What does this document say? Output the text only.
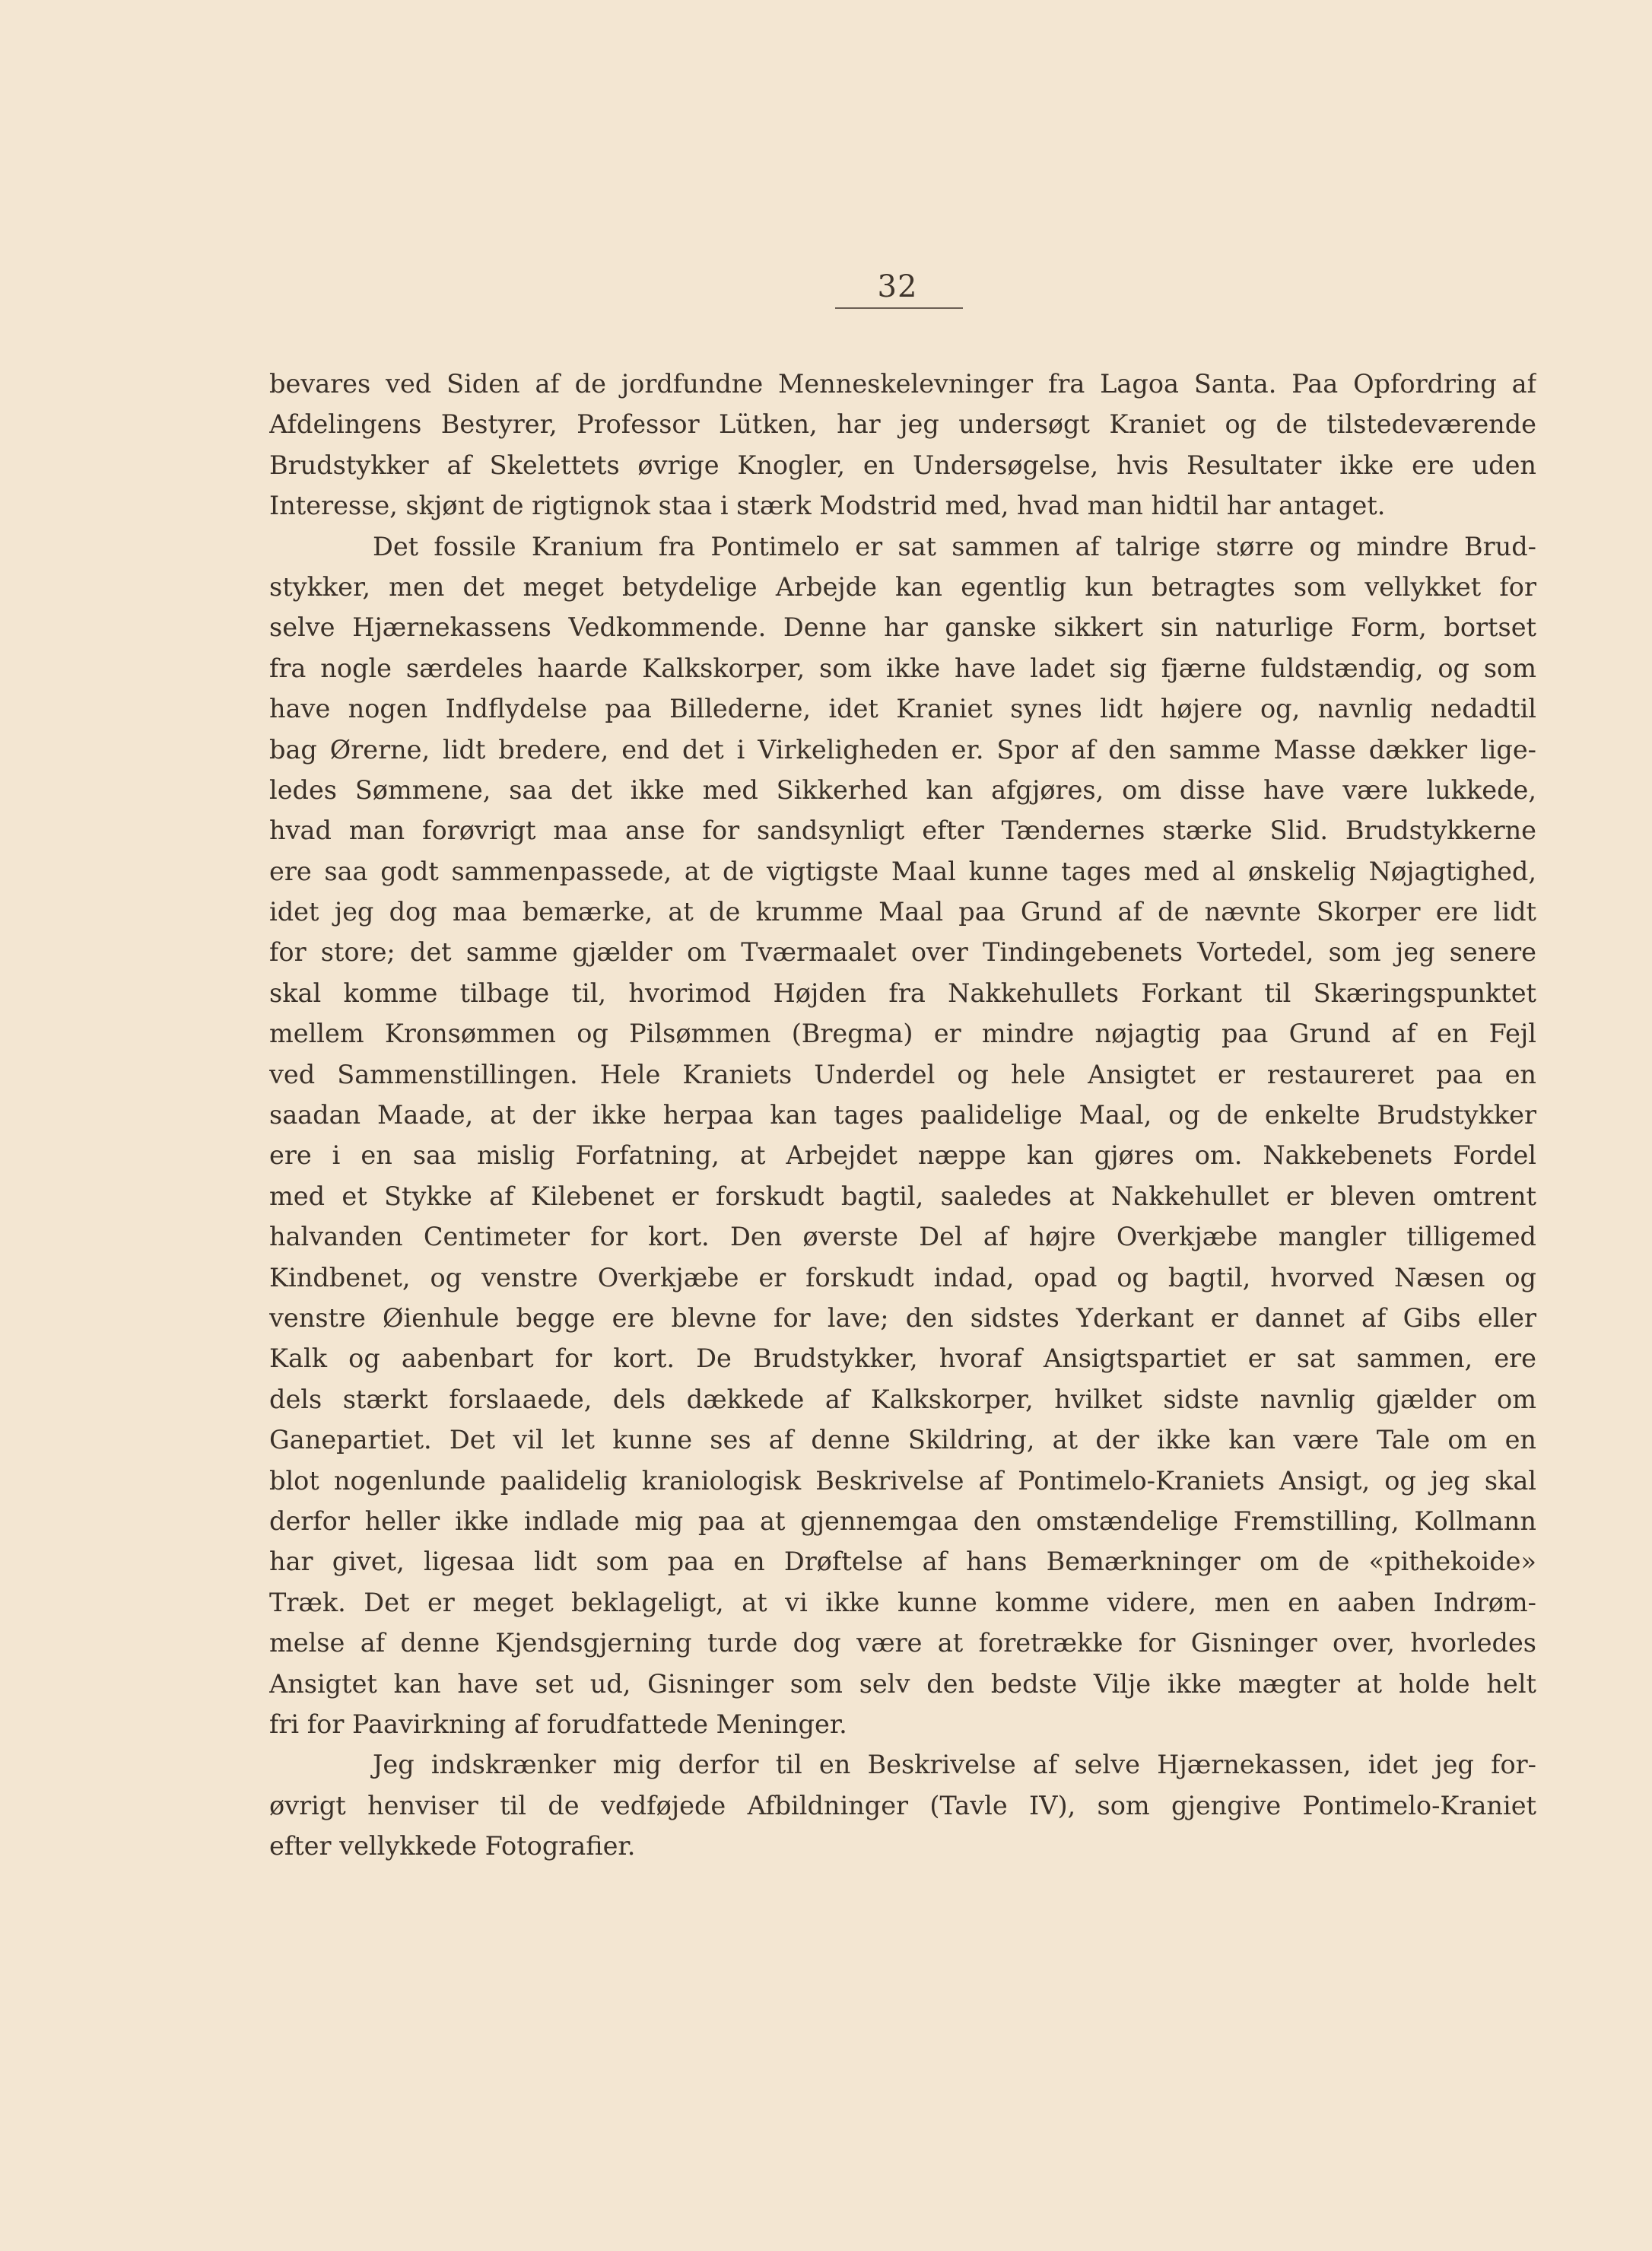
32
bevares ved Siden af de jordfundne Menneskelevninger fra Lagoa Santa. Paa Opfordring af
Afdelingens Bestyrer, Professor Lütken, har jeg undersøgt Kraniet og de tilstedeværende
Brudstykker af Skelettets øvrige Knogler, en Undersøgelse, hvis Resultater ikke ere uden
Interesse, skjønt de rigtignok staa i stærk Modstrid med, hvad man hidtil har antaget.
Det fossile Kranium fra Pontimelo er sat sammen af talrige større og mindre Brud-
stykker, men det meget betydelige Arbejde kan egentlig kun betragtes som vellykket for
selve Hjærnekassens Vedkommende. Denne har ganske sikkert sin naturlige Form, bortset
fra nogle særdeles haarde Kalkskorper, som ikke have ladet sig fjærne fuldstændig, og som
have nogen Indflydelse paa Billederne, idet Kraniet synes lidt højere og, navnlig nedadtil
bag Ørerne, lidt bredere, end det i Virkeligheden er. Spor af den samme Masse dækker lige-
ledes Sømmene, saa det ikke med Sikkerhed kan afgjøres, om disse have være lukkede,
hvad man forøvrigt maa anse for sandsynligt efter Tændernes stærke Slid. Brudstykkerne
ere saa godt sammenpassede, at de vigtigste Maal kunne tages med al ønskelig Nøjagtighed,
idet jeg dog maa bemærke, at de krumme Maal paa Grund af de nævnte Skorper ere lidt
for store; det samme gjælder om Tværmaalet over Tindingebenets Vortedel, som jeg senere
skal komme tilbage til, hvorimod Højden fra Nakkehullets Forkant til Skæringspunktet
mellem Kronsømmen og Pilsømmen (Bregma) er mindre nøjagtig paa Grund af en Fejl
ved Sammenstillingen. Hele Kraniets Underdel og hele Ansigtet er restaureret paa en
saadan Maade, at der ikke herpaa kan tages paalidelige Maal, og de enkelte Brudstykker
ere i en saa mislig Forfatning, at Arbejdet næppe kan gjøres om. Nakkebenets Fordel
med et Stykke af Kilebenet er forskudt bagtil, saaledes at Nakkehullet er bleven omtrent
halvanden Centimeter for kort. Den øverste Del af højre Overkjæbe mangler tilligemed
Kindbenet, og venstre Overkjæbe er forskudt indad, opad og bagtil, hvorved Næsen og
venstre Øienhule begge ere blevne for lave; den sidstes Yderkant er dannet af Gibs eller
Kalk og aabenbart for kort. De Brudstykker, hvoraf Ansigtspartiet er sat sammen, ere
dels stærkt forslaaede, dels dækkede af Kalkskorper, hvilket sidste navnlig gjælder om
Ganepartiet. Det vil let kunne ses af denne Skildring, at der ikke kan være Tale om en
blot nogenlunde paalidelig kraniologisk Beskrivelse af Pontimelo-Kraniets Ansigt, og jeg skal
derfor heller ikke indlade mig paa at gjennemgaa den omstændelige Fremstilling, Kollmann
har givet, ligesaa lidt som paa en Drøftelse af hans Bemærkninger om de «pithekoide»
Træk. Det er meget beklageligt, at vi ikke kunne komme videre, men en aaben Indrøm-
melse af denne Kjendsgjerning turde dog være at foretrække for Gisninger over, hvorledes
Ansigtet kan have set ud, Gisninger som selv den bedste Vilje ikke mægter at holde helt
fri for Paavirkning af forudfattede Meninger.
Jeg indskrænker mig derfor til en Beskrivelse af selve Hjærnekassen, idet jeg for-
øvrigt henviser til de vedføjede Afbildninger (Tavle IV), som gjengive Pontimelo-Kraniet
efter vellykkede Fotografier.
